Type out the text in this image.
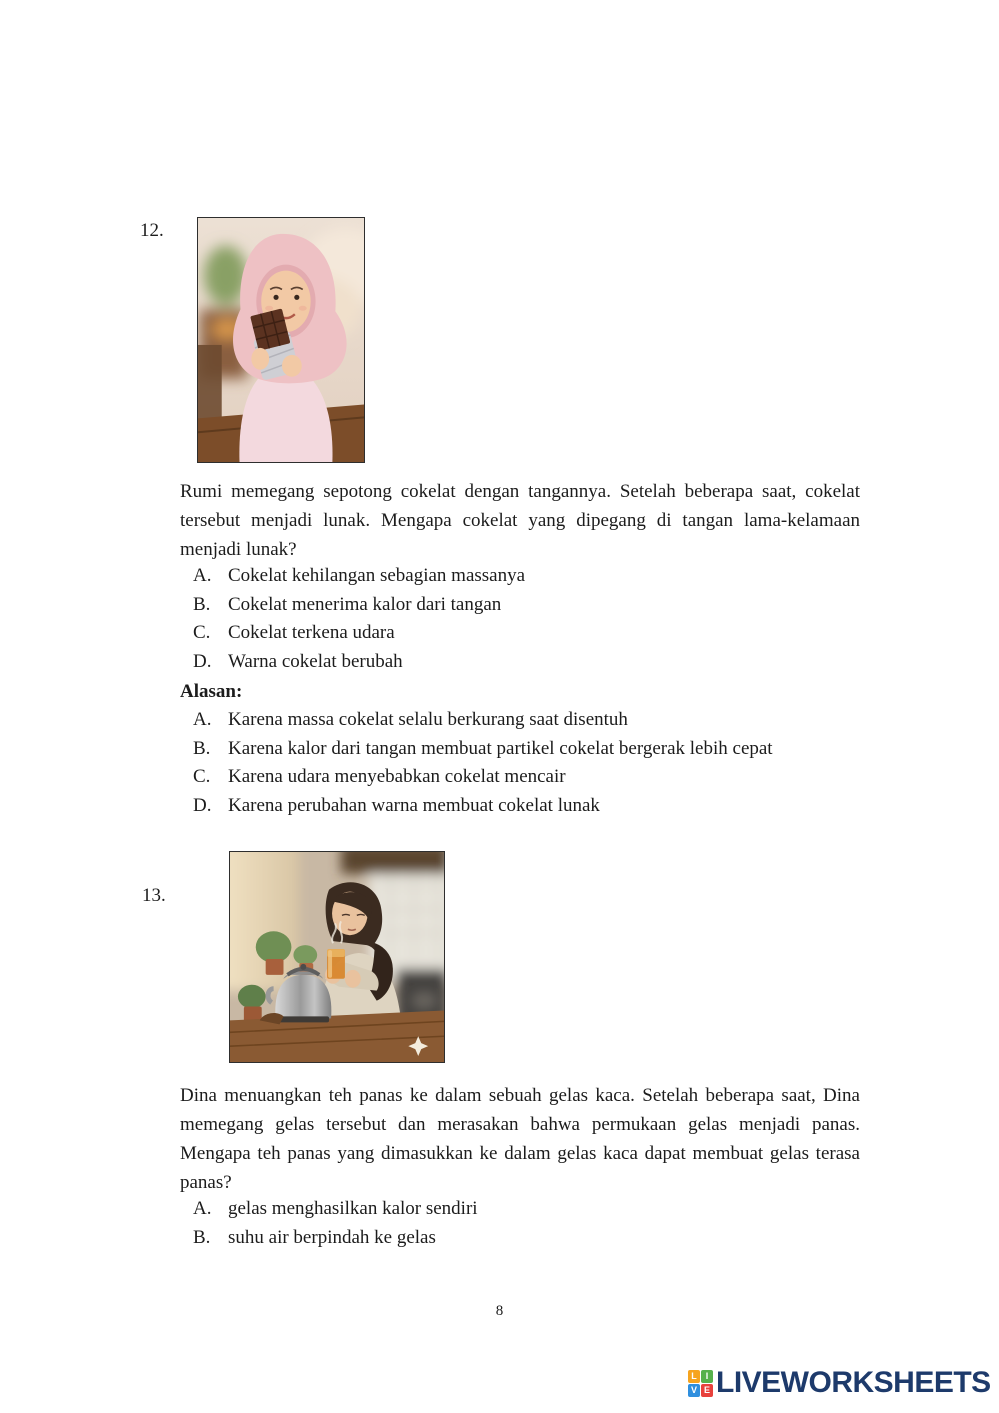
12.

Rumi memegang sepotong cokelat dengan tangannya. Setelah beberapa saat, cokelat tersebut menjadi lunak. Mengapa cokelat yang dipegang di tangan lama-kelamaan menjadi lunak?

A. Cokelat kehilangan sebagian massanya
B. Cokelat menerima kalor dari tangan
C. Cokelat terkena udara
D. Warna cokelat berubah
Alasan:
A. Karena massa cokelat selalu berkurang saat disentuh
B. Karena kalor dari tangan membuat partikel cokelat bergerak lebih cepat
C. Karena udara menyebabkan cokelat mencair
D. Karena perubahan warna membuat cokelat lunak
13.

Dina menuangkan teh panas ke dalam sebuah gelas kaca. Setelah beberapa saat, Dina memegang gelas tersebut dan merasakan bahwa permukaan gelas menjadi panas. Mengapa teh panas yang dimasukkan ke dalam gelas kaca dapat membuat gelas terasa panas?

A. gelas menghasilkan kalor sendiri
B. suhu air berpindah ke gelas
8
L I
V E LIVEWORKSHEETS
